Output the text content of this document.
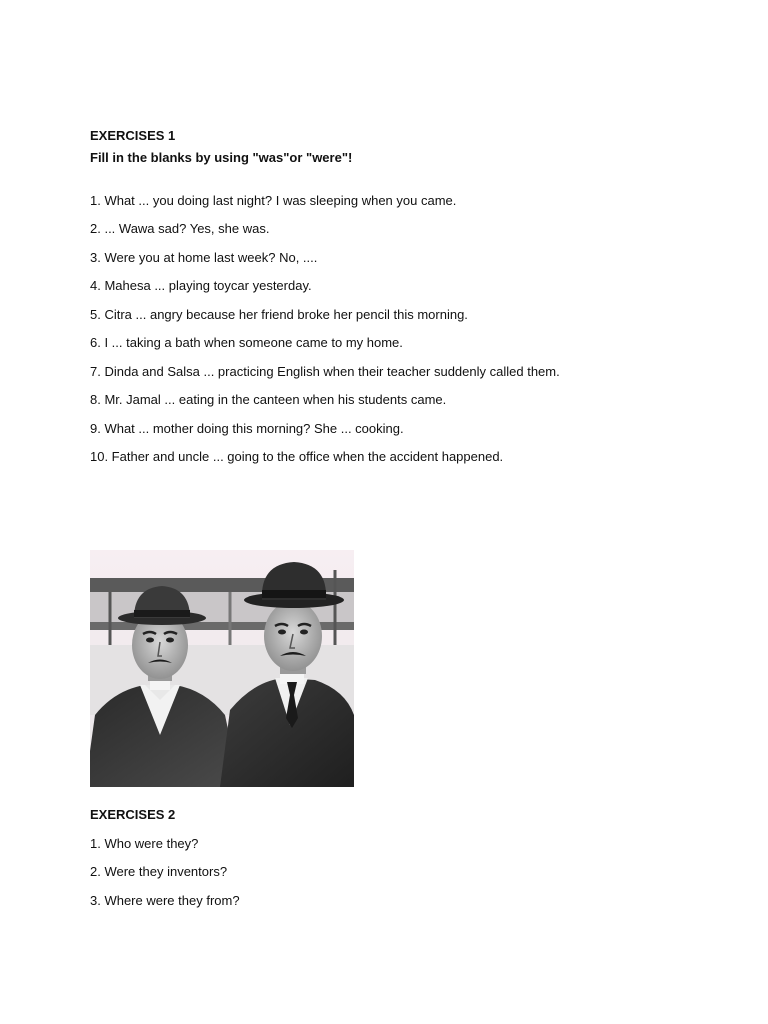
EXERCISES 1
Fill in the blanks by using "was"or "were"!
1. What ... you doing last night? I was sleeping when you came.
2. ... Wawa sad? Yes, she was.
3. Were you at home last week? No, ....
4. Mahesa ... playing toycar yesterday.
5. Citra ... angry because her friend broke her pencil this morning.
6. I ... taking a bath when someone came to my home.
7. Dinda and Salsa ... practicing English when their teacher suddenly called them.
8. Mr. Jamal ... eating in the canteen when his students came.
9. What ... mother doing this morning? She ... cooking.
10. Father and uncle ... going to the office when the accident happened.
EXERCISES 2
1. Who were they?
2. Were they inventors?
3. Where were they from?
